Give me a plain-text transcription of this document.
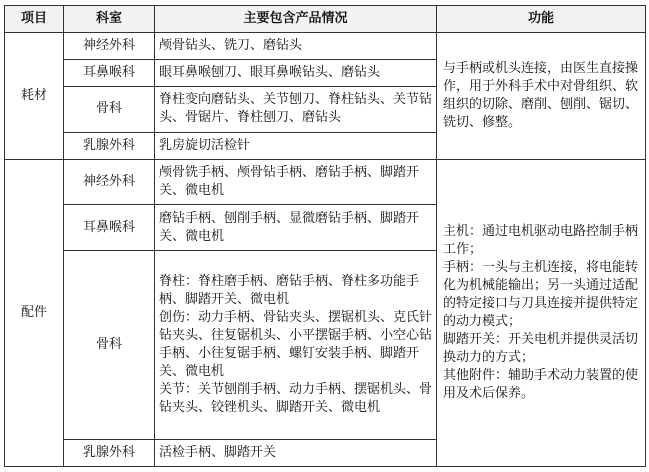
项目	科室	主要包含产品情况	功能
耗材	神经外科	颅骨钻头、铣刀、磨钻头	与手柄或机头连接，由医生直接操作，用于外科手术中对骨组织、软组织的切除、磨削、刨削、锯切、铣切、修整。
	耳鼻喉科	眼耳鼻喉刨刀、眼耳鼻喉钻头、磨钻头	
	骨科	脊柱变向磨钻头、关节刨刀、脊柱钻头、关节钻头、骨锯片、脊柱刨刀、磨钻头	
	乳腺外科	乳房旋切活检针	
配件	神经外科	颅骨铣手柄、颅骨钻手柄、磨钻手柄、脚踏开关、微电机	主机：通过电机驱动电路控制手柄工作；
手柄：一头与主机连接，将电能转化为机械能输出；另一头通过适配的特定接口与刀具连接并提供特定的动力模式；
脚踏开关：开关电机并提供灵活切换动力的方式；
其他附件：辅助手术动力装置的使用及术后保养。
	耳鼻喉科	磨钻手柄、刨削手柄、显微磨钻手柄、脚踏开关、微电机	
	骨科	脊柱：脊柱磨手柄、磨钻手柄、脊柱多功能手柄、脚踏开关、微电机
创伤：动力手柄、骨钻夹头、摆锯机头、克氏针钻夹头、往复锯机头、小平摆锯手柄、小空心钻手柄、小往复锯手柄、螺钉安装手柄、脚踏开关、微电机
关节：关节刨削手柄、动力手柄、摆锯机头、骨钻夹头、铰锉机头、脚踏开关、微电机	
	乳腺外科	活检手柄、脚踏开关	
